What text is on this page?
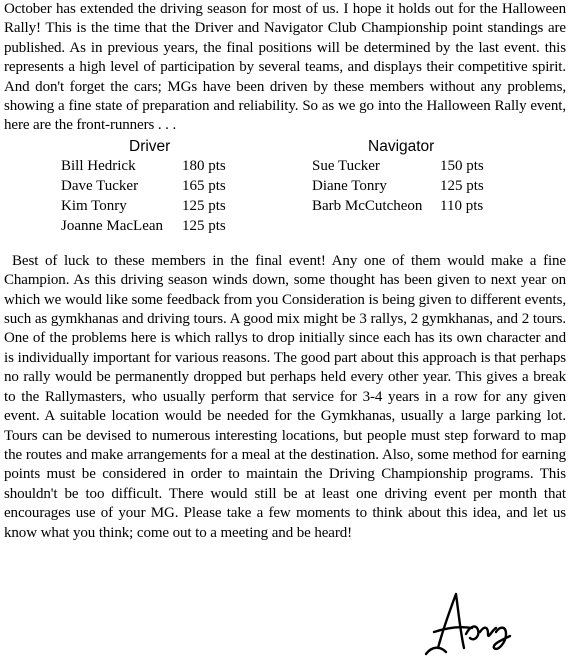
October has extended the driving season for most of us. I hope it holds out for the Halloween Rally! This is the time that the Driver and Navigator Club Championship point standings are published. As in previous years, the final positions will be determined by the last event. this represents a high level of participation by several teams, and displays their competitive spirit. And don't forget the cars; MGs have been driven by these members without any problems, showing a fine state of preparation and reliability. So as we go into the Halloween Rally event, here are the front-runners . . .

Driver	Navigator
Bill Hedrick	180 pts
Dave Tucker	165 pts
Kim Tonry	125 pts
Joanne MacLean 125 pts
Sue Tucker	150 pts
Diane Tonry	125 pts
Barb McCutcheon 110 pts

Best of luck to these members in the final event! Any one of them would make a fine Champion. As this driving season winds down, some thought has been given to next year on which we would like some feedback from you Consideration is being given to different events, such as gymkhanas and driving tours. A good mix might be 3 rallys, 2 gymkhanas, and 2 tours. One of the problems here is which rallys to drop initially since each has its own character and is individually important for various reasons. The good part about this approach is that perhaps no rally would be permanently dropped but perhaps held every other year. This gives a break to the Rallymasters, who usually perform that service for 3-4 years in a row for any given event. A suitable location would be needed for the Gymkhanas, usually a large parking lot. Tours can be devised to numerous interesting locations, but people must step forward to map the routes and make arrangements for a meal at the destination. Also, some method for earning points must be considered in order to maintain the Driving Championship programs. This shouldn't be too difficult. There would still be at least one driving event per month that encourages use of your MG. Please take a few moments to think about this idea, and let us know what you think; come out to a meeting and be heard!
